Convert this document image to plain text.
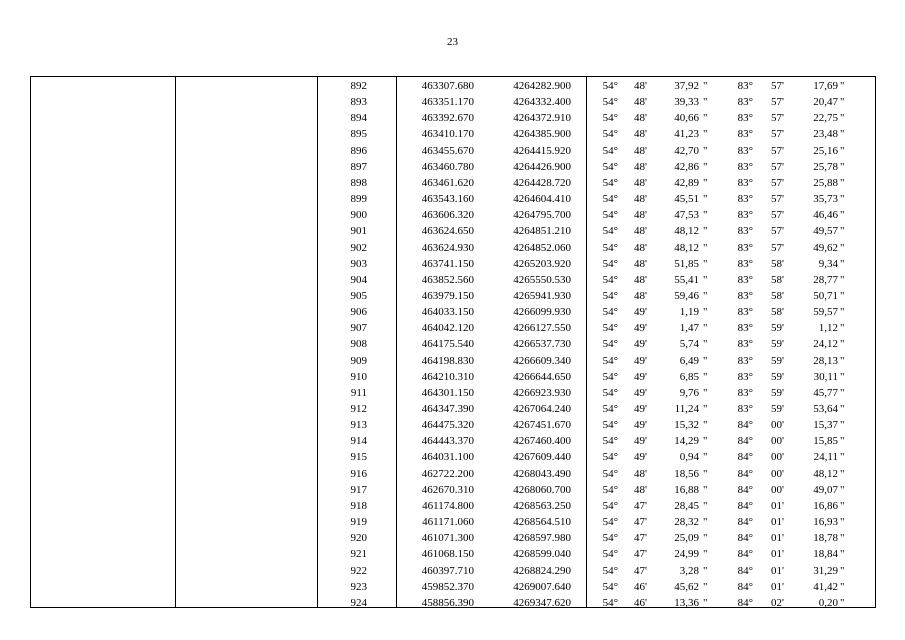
23
892	463307.680	4264282.900	54°	48'	37,92 "	83°	57'	17,69 "
893	463351.170	4264332.400	54°	48'	39,33 "	83°	57'	20,47 "
894	463392.670	4264372.910	54°	48'	40,66 "	83°	57'	22,75 "
895	463410.170	4264385.900	54°	48'	41,23 "	83°	57'	23,48 "
896	463455.670	4264415.920	54°	48'	42,70 "	83°	57'	25,16 "
897	463460.780	4264426.900	54°	48'	42,86 "	83°	57'	25,78 "
898	463461.620	4264428.720	54°	48'	42,89 "	83°	57'	25,88 "
899	463543.160	4264604.410	54°	48'	45,51 "	83°	57'	35,73 "
900	463606.320	4264795.700	54°	48'	47,53 "	83°	57'	46,46 "
901	463624.650	4264851.210	54°	48'	48,12 "	83°	57'	49,57 "
902	463624.930	4264852.060	54°	48'	48,12 "	83°	57'	49,62 "
903	463741.150	4265203.920	54°	48'	51,85 "	83°	58'	9,34 "
904	463852.560	4265550.530	54°	48'	55,41 "	83°	58'	28,77 "
905	463979.150	4265941.930	54°	48'	59,46 "	83°	58'	50,71 "
906	464033.150	4266099.930	54°	49'	1,19 "	83°	58'	59,57 "
907	464042.120	4266127.550	54°	49'	1,47 "	83°	59'	1,12 "
908	464175.540	4266537.730	54°	49'	5,74 "	83°	59'	24,12 "
909	464198.830	4266609.340	54°	49'	6,49 "	83°	59'	28,13 "
910	464210.310	4266644.650	54°	49'	6,85 "	83°	59'	30,11 "
911	464301.150	4266923.930	54°	49'	9,76 "	83°	59'	45,77 "
912	464347.390	4267064.240	54°	49'	11,24 "	83°	59'	53,64 "
913	464475.320	4267451.670	54°	49'	15,32 "	84°	00'	15,37 "
914	464443.370	4267460.400	54°	49'	14,29 "	84°	00'	15,85 "
915	464031.100	4267609.440	54°	49'	0,94 "	84°	00'	24,11 "
916	462722.200	4268043.490	54°	48'	18,56 "	84°	00'	48,12 "
917	462670.310	4268060.700	54°	48'	16,88 "	84°	00'	49,07 "
918	461174.800	4268563.250	54°	47'	28,45 "	84°	01'	16,86 "
919	461171.060	4268564.510	54°	47'	28,32 "	84°	01'	16,93 "
920	461071.300	4268597.980	54°	47'	25,09 "	84°	01'	18,78 "
921	461068.150	4268599.040	54°	47'	24,99 "	84°	01'	18,84 "
922	460397.710	4268824.290	54°	47'	3,28 "	84°	01'	31,29 "
923	459852.370	4269007.640	54°	46'	45,62 "	84°	01'	41,42 "
924	458856.390	4269347.620	54°	46'	13,36 "	84°	02'	0,20 "
